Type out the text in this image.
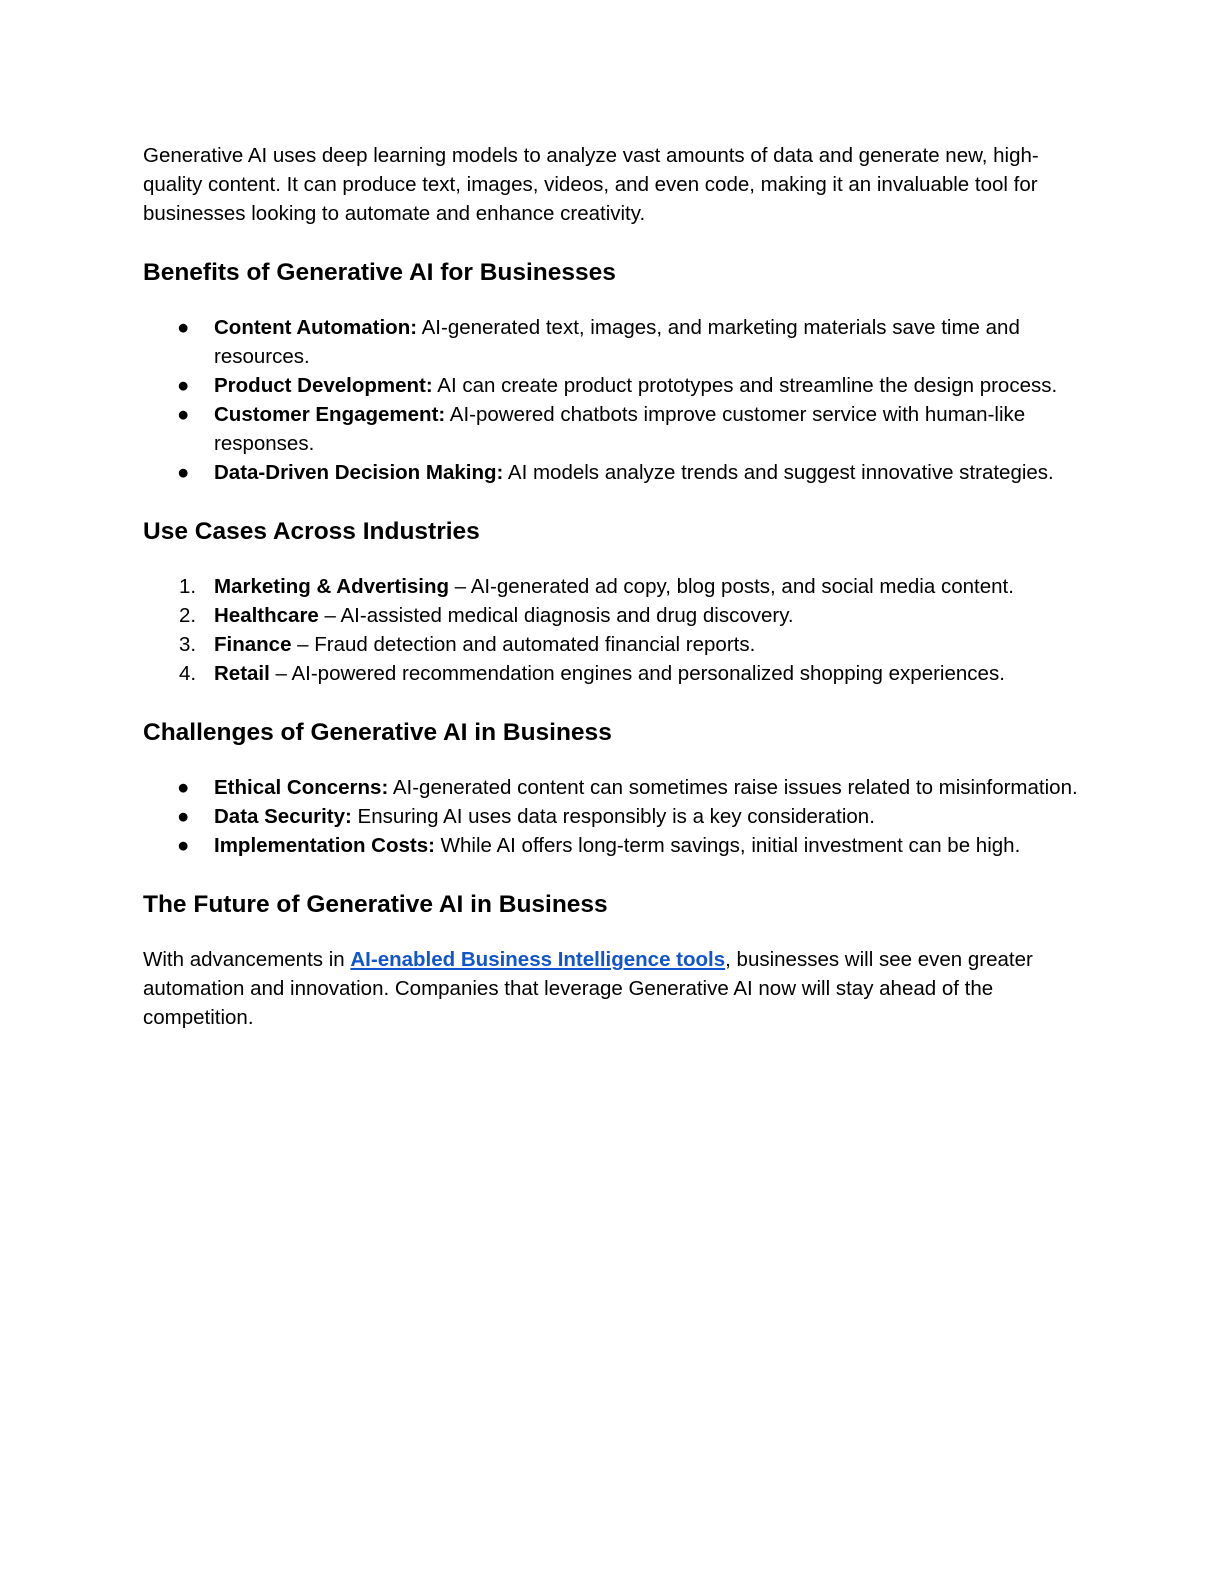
Generative AI uses deep learning models to analyze vast amounts of data and generate new, high-quality content. It can produce text, images, videos, and even code, making it an invaluable tool for businesses looking to automate and enhance creativity.

Benefits of Generative AI for Businesses
● Content Automation: AI-generated text, images, and marketing materials save time and resources.
● Product Development: AI can create product prototypes and streamline the design process.
● Customer Engagement: AI-powered chatbots improve customer service with human-like responses.
● Data-Driven Decision Making: AI models analyze trends and suggest innovative strategies.
Use Cases Across Industries
1. Marketing & Advertising – AI-generated ad copy, blog posts, and social media content.
2. Healthcare – AI-assisted medical diagnosis and drug discovery.
3. Finance – Fraud detection and automated financial reports.
4. Retail – AI-powered recommendation engines and personalized shopping experiences.
Challenges of Generative AI in Business
● Ethical Concerns: AI-generated content can sometimes raise issues related to misinformation.
● Data Security: Ensuring AI uses data responsibly is a key consideration.
● Implementation Costs: While AI offers long-term savings, initial investment can be high.
The Future of Generative AI in Business

With advancements in AI-enabled Business Intelligence tools, businesses will see even greater automation and innovation. Companies that leverage Generative AI now will stay ahead of the competition.
